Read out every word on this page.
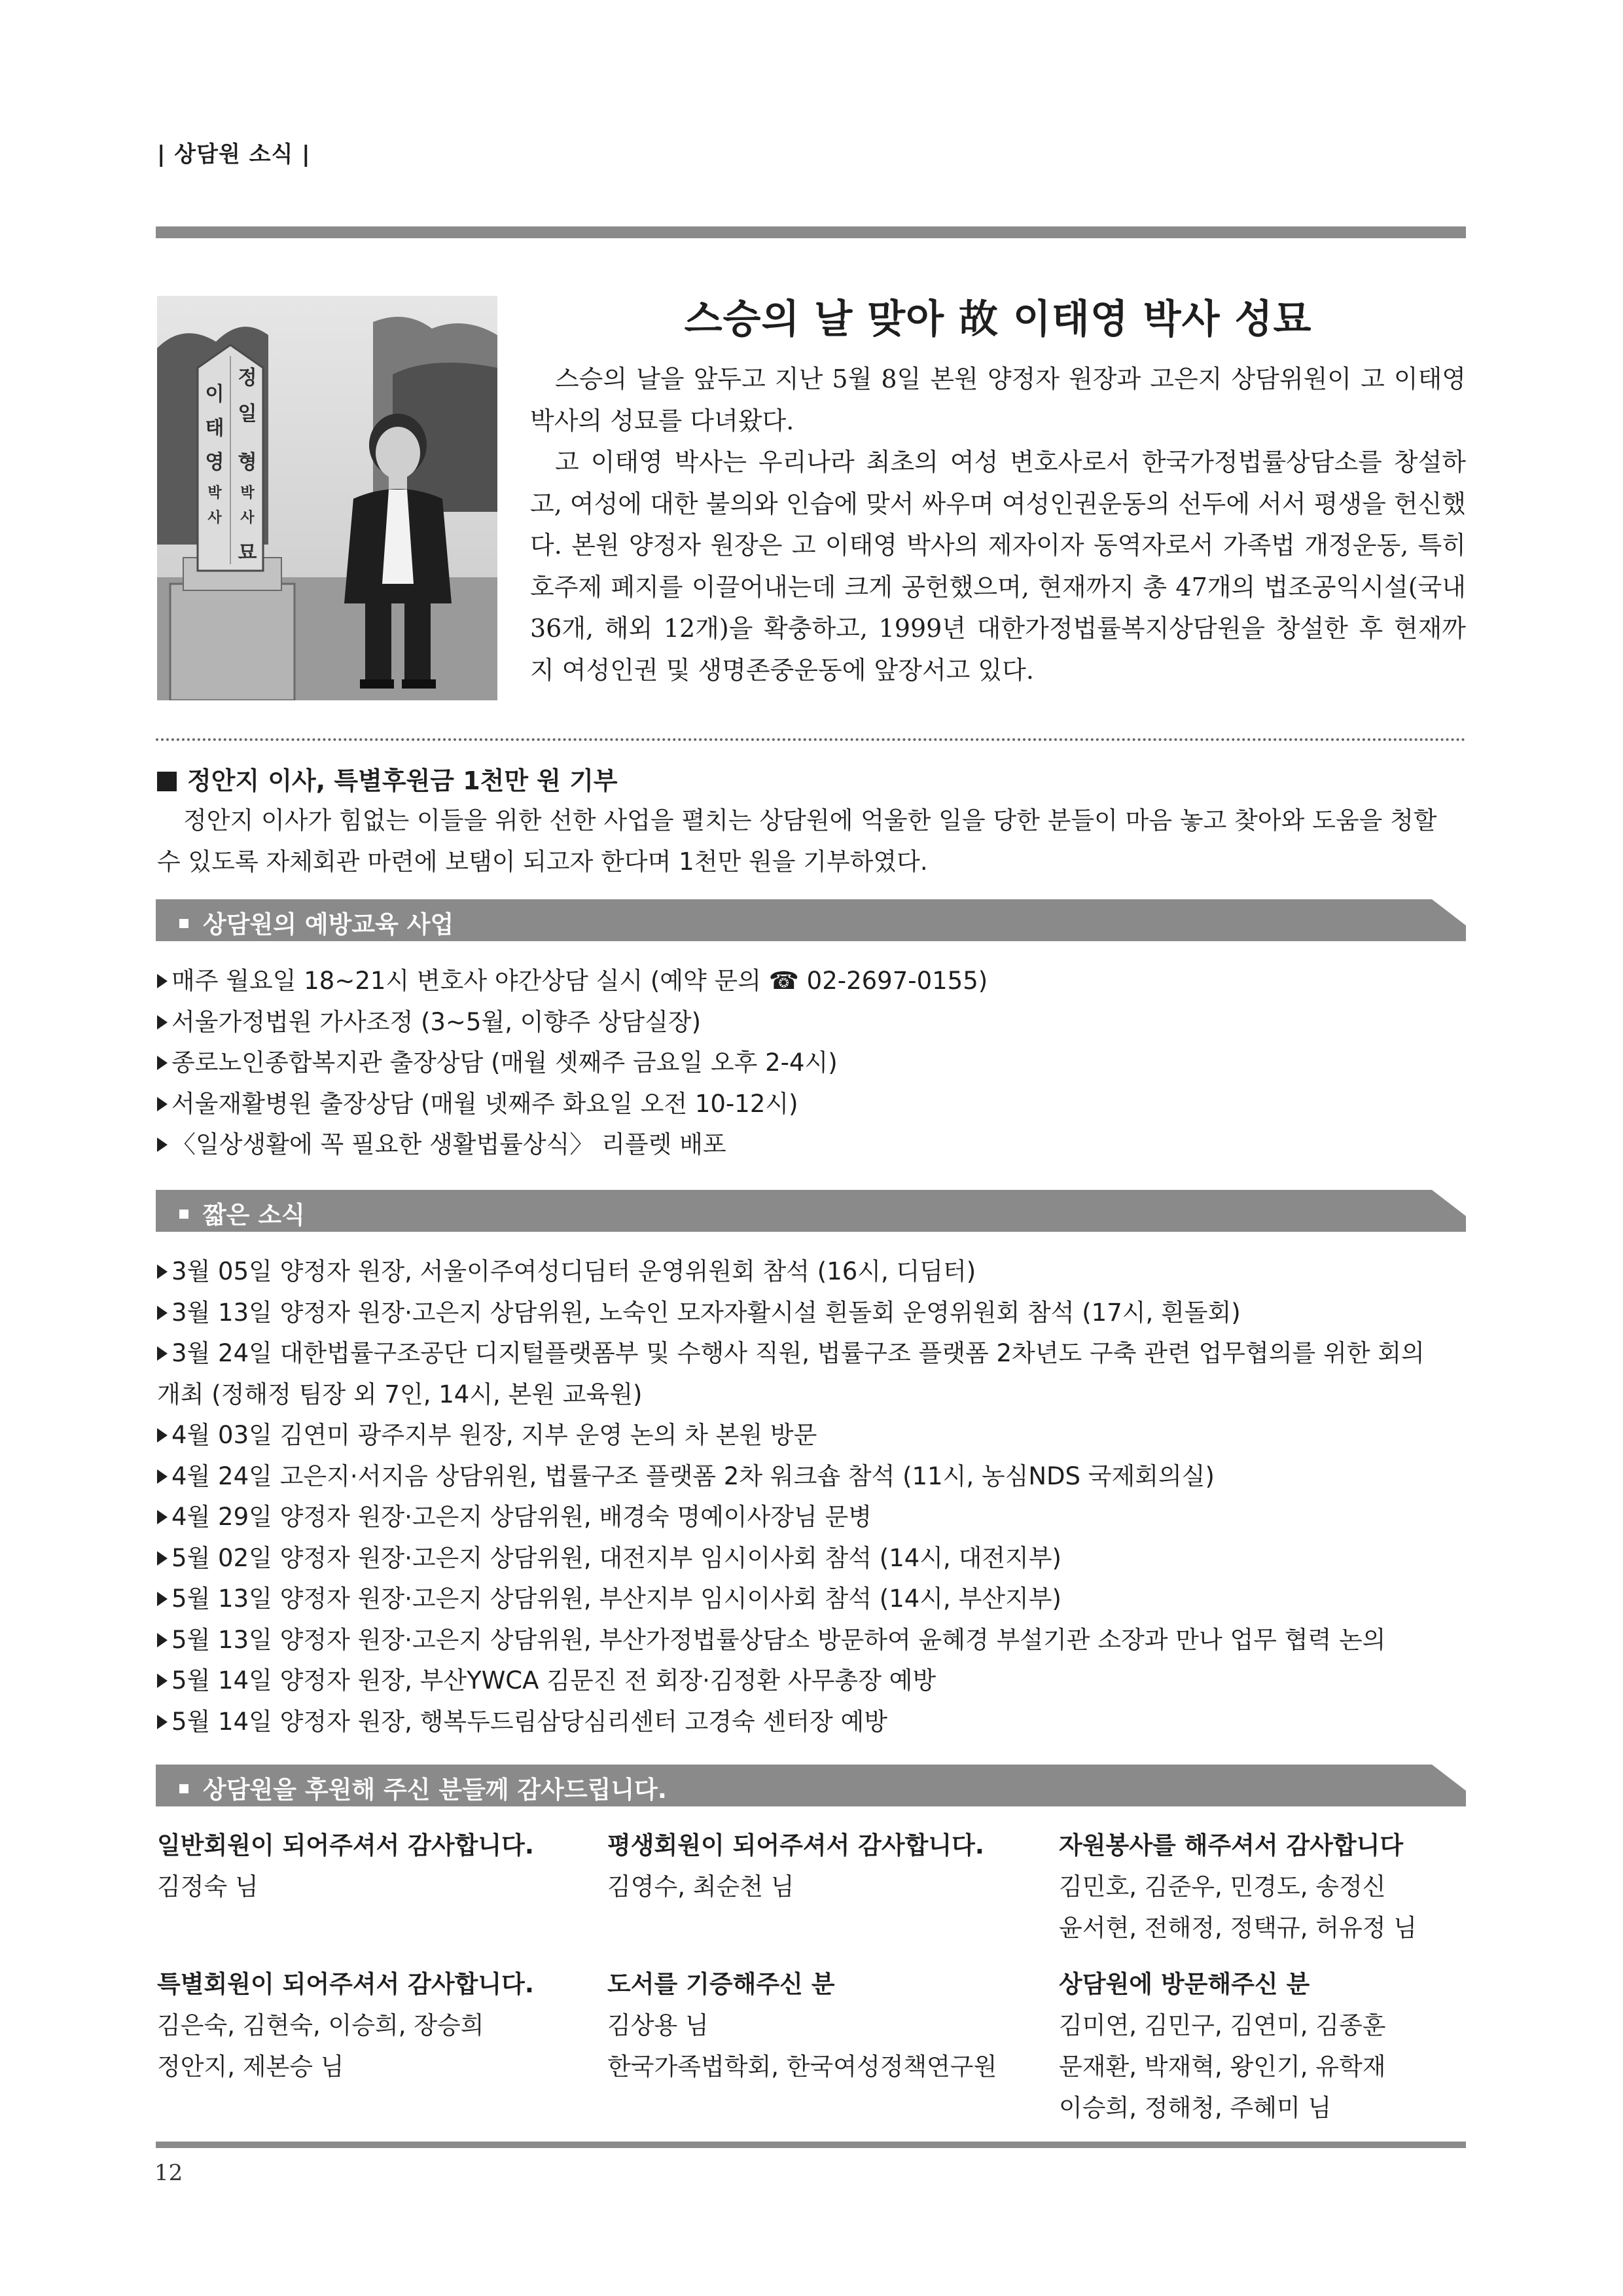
| 상담원 소식 |
이
태
영
박
사
정
일
형
박
사
묘
스승의 날 맞아 故 이태영 박사 성묘

스승의 날을 앞두고 지난 5월 8일 본원 양정자 원장과 고은지 상담위원이 고 이태영 박사의 성묘를 다녀왔다.

고 이태영 박사는 우리나라 최초의 여성 변호사로서 한국가정법률상담소를 창설하고, 여성에 대한 불의와 인습에 맞서 싸우며 여성인권운동의 선두에 서서 평생을 헌신했다. 본원 양정자 원장은 고 이태영 박사의 제자이자 동역자로서 가족법 개정운동, 특히 호주제 폐지를 이끌어내는데 크게 공헌했으며, 현재까지 총 47개의 법조공익시설(국내 36개, 해외 12개)을 확충하고, 1999년 대한가정법률복지상담원을 창설한 후 현재까지 여성인권 및 생명존중운동에 앞장서고 있다.

정안지 이사, 특별후원금 1천만 원 기부

정안지 이사가 힘없는 이들을 위한 선한 사업을 펼치는 상담원에 억울한 일을 당한 분들이 마음 놓고 찾아와 도움을 청할 수 있도록 자체회관 마련에 보탬이 되고자 한다며 1천만 원을 기부하였다.

상담원의 예방교육 사업
매주 월요일 18~21시 변호사 야간상담 실시 (예약 문의 ☎ 02-2697-0155)
서울가정법원 가사조정 (3~5월, 이향주 상담실장)
종로노인종합복지관 출장상담 (매월 셋째주 금요일 오후 2-4시)
서울재활병원 출장상담 (매월 넷째주 화요일 오전 10-12시)
〈일상생활에 꼭 필요한 생활법률상식〉 리플렛 배포
짧은 소식
3월 05일 양정자 원장, 서울이주여성디딤터 운영위원회 참석 (16시, 디딤터)
3월 13일 양정자 원장·고은지 상담위원, 노숙인 모자자활시설 흰돌회 운영위원회 참석 (17시, 흰돌회)
3월 24일 대한법률구조공단 디지털플랫폼부 및 수행사 직원, 법률구조 플랫폼 2차년도 구축 관련 업무협의를 위한 회의
개최 (정해정 팀장 외 7인, 14시, 본원 교육원)
4월 03일 김연미 광주지부 원장, 지부 운영 논의 차 본원 방문
4월 24일 고은지·서지음 상담위원, 법률구조 플랫폼 2차 워크숍 참석 (11시, 농심NDS 국제회의실)
4월 29일 양정자 원장·고은지 상담위원, 배경숙 명예이사장님 문병
5월 02일 양정자 원장·고은지 상담위원, 대전지부 임시이사회 참석 (14시, 대전지부)
5월 13일 양정자 원장·고은지 상담위원, 부산지부 임시이사회 참석 (14시, 부산지부)
5월 13일 양정자 원장·고은지 상담위원, 부산가정법률상담소 방문하여 윤혜경 부설기관 소장과 만나 업무 협력 논의
5월 14일 양정자 원장, 부산YWCA 김문진 전 회장·김정환 사무총장 예방
5월 14일 양정자 원장, 행복두드림삼당심리센터 고경숙 센터장 예방
상담원을 후원해 주신 분들께 감사드립니다.
일반회원이 되어주셔서 감사합니다.
김정숙 님
평생회원이 되어주셔서 감사합니다.
김영수, 최순천 님
자원봉사를 해주셔서 감사합니다
김민호, 김준우, 민경도, 송정신
윤서현, 전해정, 정택규, 허유정 님
특별회원이 되어주셔서 감사합니다.
김은숙, 김현숙, 이승희, 장승희
정안지, 제본승 님
도서를 기증해주신 분
김상용 님
한국가족법학회, 한국여성정책연구원
상담원에 방문해주신 분
김미연, 김민구, 김연미, 김종훈
문재환, 박재혁, 왕인기, 유학재
이승희, 정해청, 주혜미 님
12
